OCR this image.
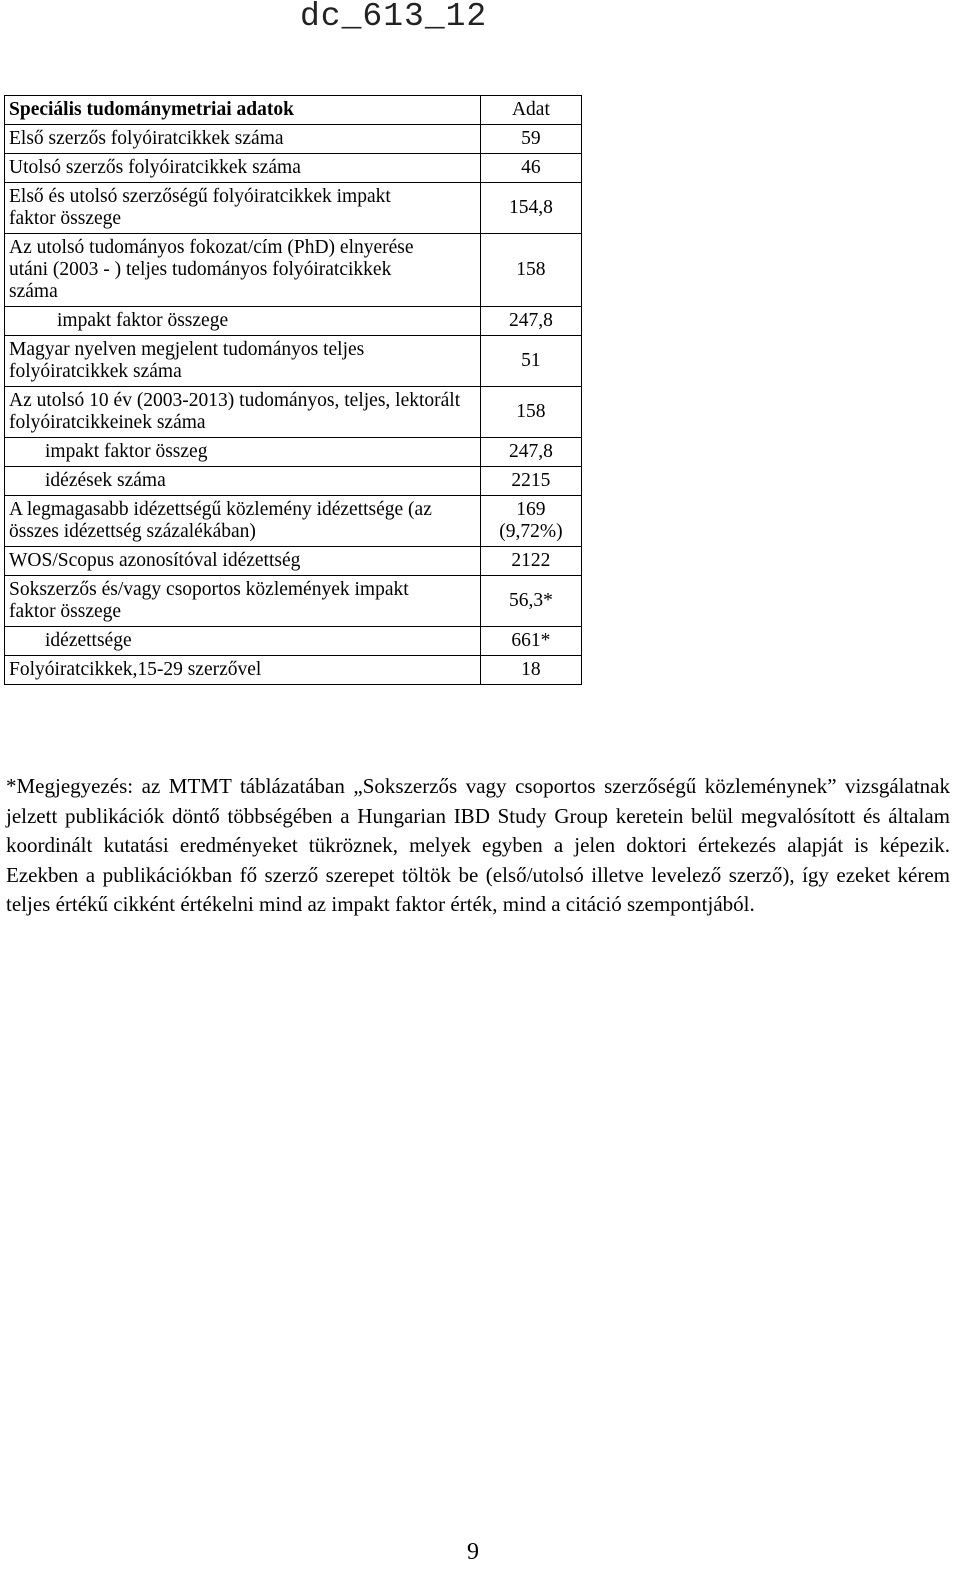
dc_613_12
Speciális tudománymetriai adatok	Adat
Első szerzős folyóiratcikkek száma	59
Utolsó szerzős folyóiratcikkek száma	46
Első és utolsó szerzőségű folyóiratcikkek impakt faktor összege	154,8
Az utolsó tudományos fokozat/cím (PhD) elnyerése utáni (2003 - ) teljes tudományos folyóiratcikkek száma	158
impakt faktor összege	247,8
Magyar nyelven megjelent tudományos teljes folyóiratcikkek száma	51
Az utolsó 10 év (2003-2013) tudományos, teljes, lektorált folyóiratcikkeinek száma	158
impakt faktor összeg	247,8
idézések száma	2215
A legmagasabb idézettségű közlemény idézettsége (az összes idézettség százalékában)	169 (9,72%)
WOS/Scopus azonosítóval idézettség	2122
Sokszerzős és/vagy csoportos közlemények impakt faktor összege	56,3*
idézettsége	661*
Folyóiratcikkek,15-29 szerzővel	18
*Megjegyezés: az MTMT táblázatában „Sokszerzős vagy csoportos szerzőségű közleménynek” vizsgálatnak jelzett publikációk döntő többségében a Hungarian IBD Study Group keretein belül megvalósított és általam koordinált kutatási eredményeket tükröznek, melyek egyben a jelen doktori értekezés alapját is képezik. Ezekben a publikációkban fő szerző szerepet töltök be (első/utolsó illetve levelező szerző), így ezeket kérem teljes értékű cikként értékelni mind az impakt faktor érték, mind a citáció szempontjából.
9
